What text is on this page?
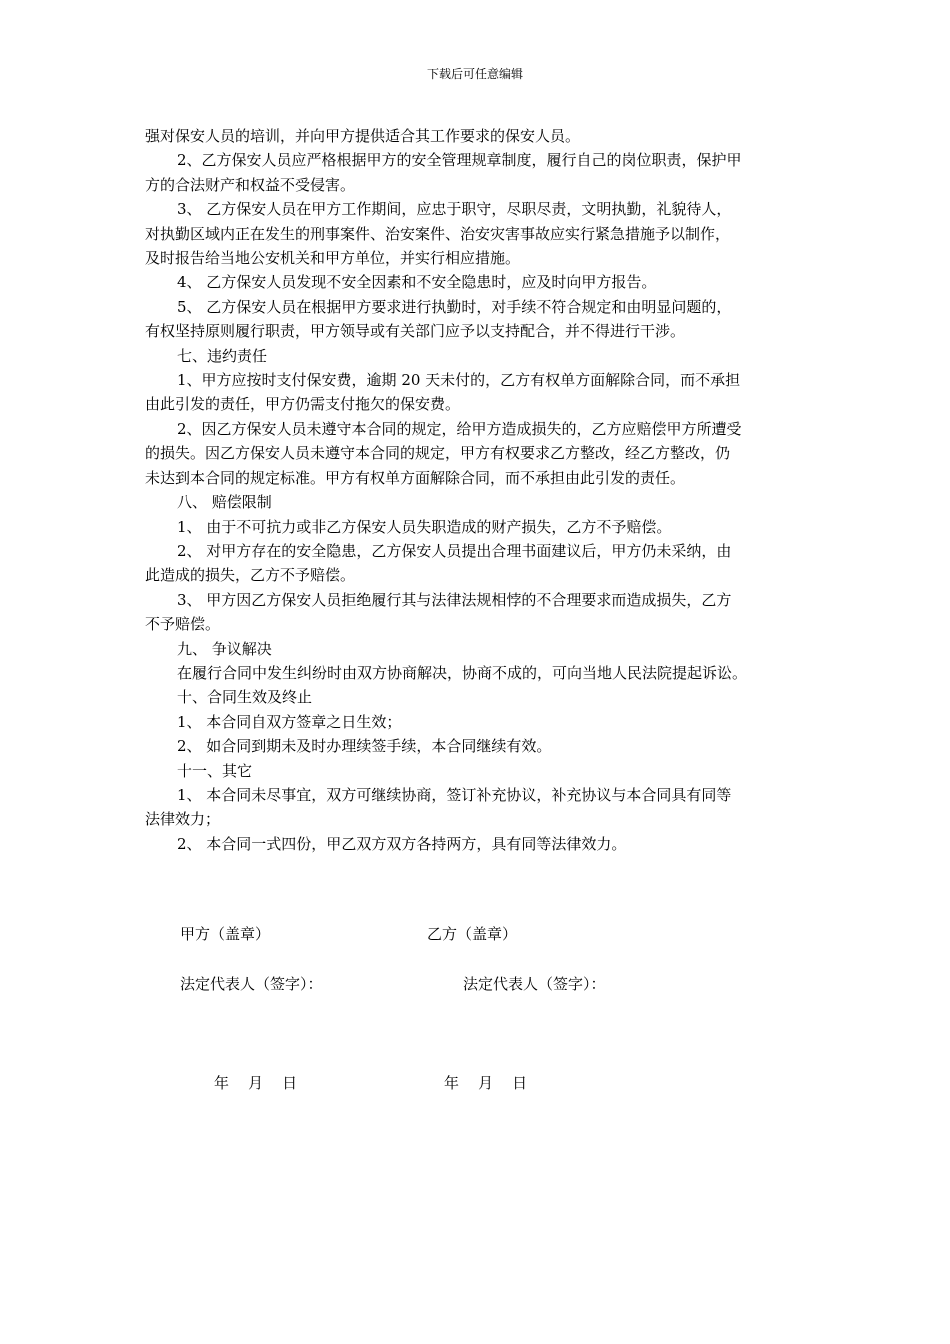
下载后可任意编辑

强对保安人员的培训，并向甲方提供适合其工作要求的保安人员。

2、乙方保安人员应严格根据甲方的安全管理规章制度，履行自己的岗位职责，保护甲

方的合法财产和权益不受侵害。

3、 乙方保安人员在甲方工作期间，应忠于职守，尽职尽责，文明执勤，礼貌待人，

对执勤区域内正在发生的刑事案件、治安案件、治安灾害事故应实行紧急措施予以制作，

及时报告给当地公安机关和甲方单位，并实行相应措施。

4、 乙方保安人员发现不安全因素和不安全隐患时，应及时向甲方报告。

5、 乙方保安人员在根据甲方要求进行执勤时，对手续不符合规定和由明显问题的，

有权坚持原则履行职责，甲方领导或有关部门应予以支持配合，并不得进行干涉。

七、违约责任

1、甲方应按时支付保安费，逾期 20 天未付的，乙方有权单方面解除合同，而不承担

由此引发的责任，甲方仍需支付拖欠的保安费。

2、因乙方保安人员未遵守本合同的规定，给甲方造成损失的，乙方应赔偿甲方所遭受

的损失。因乙方保安人员未遵守本合同的规定，甲方有权要求乙方整改，经乙方整改，仍

未达到本合同的规定标准。甲方有权单方面解除合同，而不承担由此引发的责任。

八、 赔偿限制

1、 由于不可抗力或非乙方保安人员失职造成的财产损失，乙方不予赔偿。

2、 对甲方存在的安全隐患，乙方保安人员提出合理书面建议后，甲方仍未采纳，由

此造成的损失，乙方不予赔偿。

3、 甲方因乙方保安人员拒绝履行其与法律法规相悖的不合理要求而造成损失，乙方

不予赔偿。

九、 争议解决

在履行合同中发生纠纷时由双方协商解决，协商不成的，可向当地人民法院提起诉讼。

十、合同生效及终止

1、 本合同自双方签章之日生效；

2、 如合同到期未及时办理续签手续，本合同继续有效。

十一、其它

1、 本合同未尽事宜，双方可继续协商，签订补充协议，补充协议与本合同具有同等

法律效力；

2、 本合同一式四份，甲乙双方双方各持两方，具有同等法律效力。

甲方（盖章）	乙方（盖章）
法定代表人（签字）：	法定代表人（签字）：
年    月    日	年    月    日
